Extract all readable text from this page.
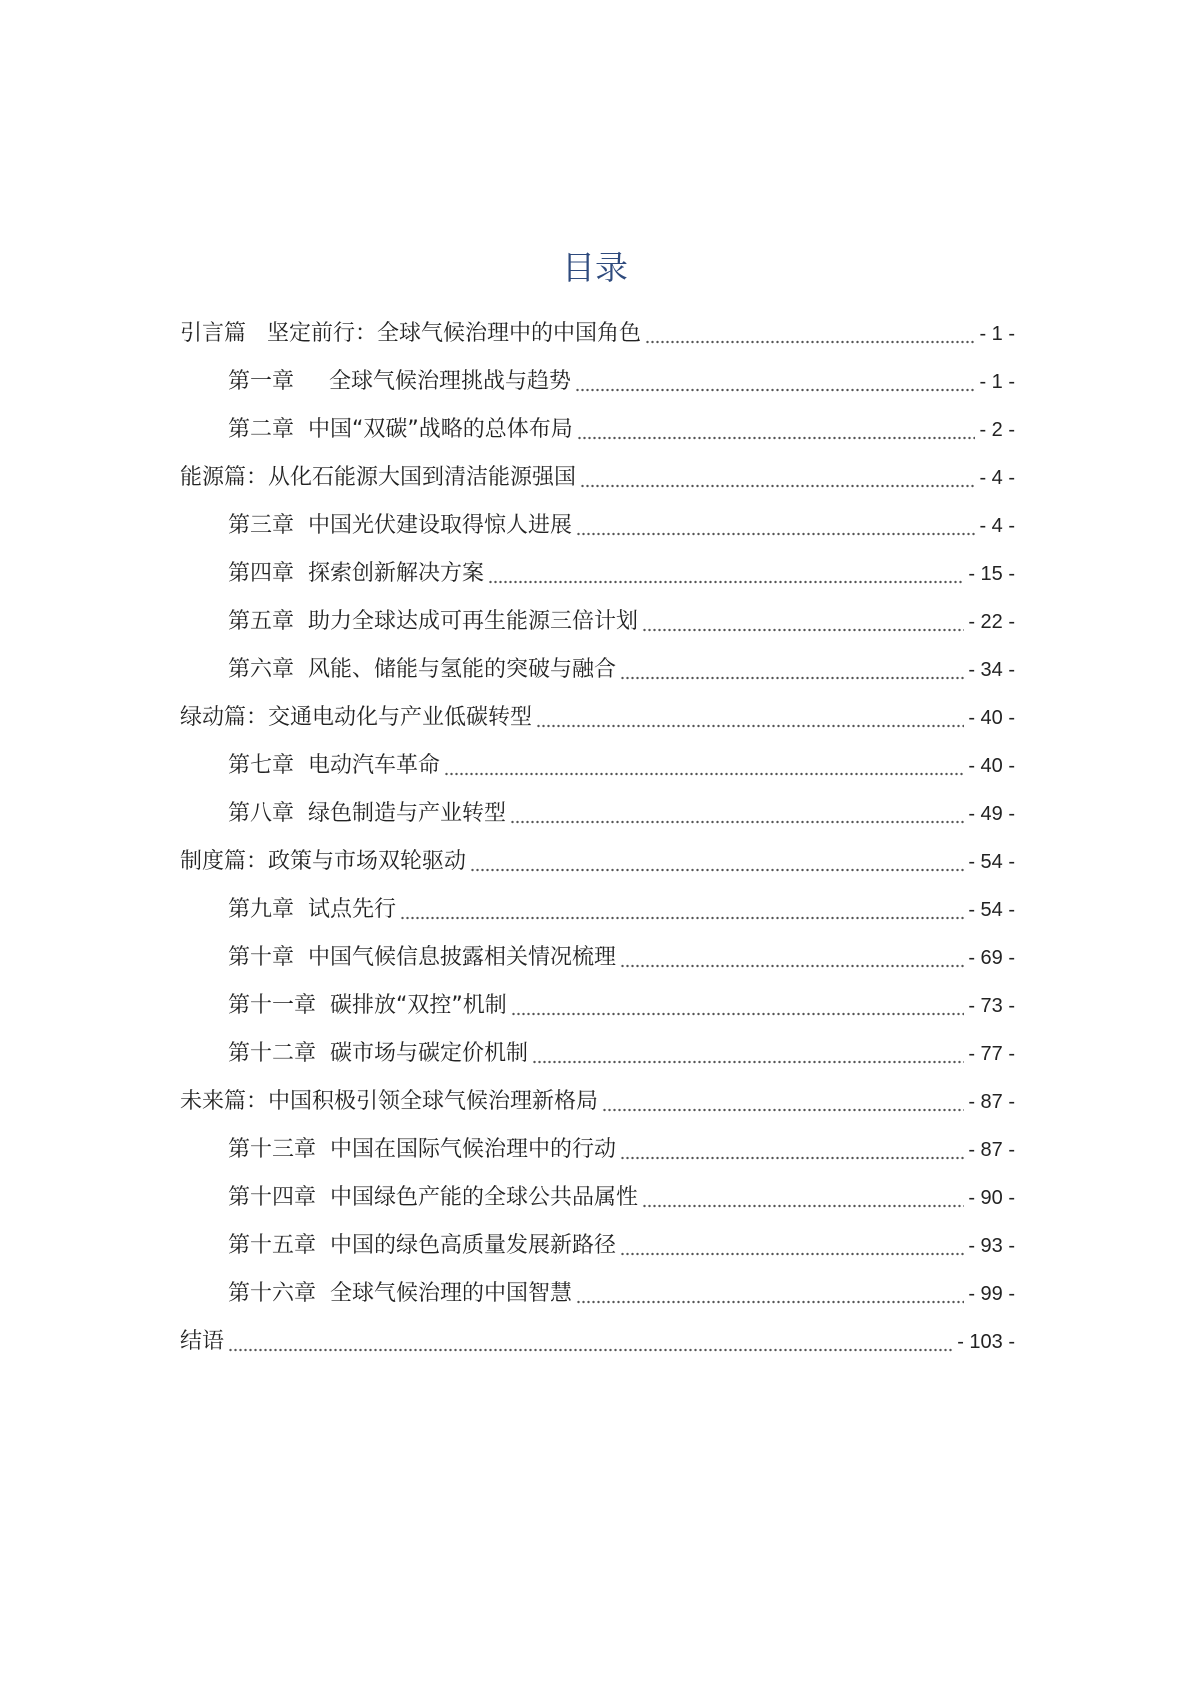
目录
引言篇   坚定前行：全球气候治理中的中国角色	- 1 -
第一章     全球气候治理挑战与趋势	- 1 -
第二章  中国“双碳”战略的总体布局	- 2 -
能源篇：从化石能源大国到清洁能源强国	- 4 -
第三章  中国光伏建设取得惊人进展	- 4 -
第四章  探索创新解决方案	- 15 -
第五章  助力全球达成可再生能源三倍计划	- 22 -
第六章  风能、储能与氢能的突破与融合	- 34 -
绿动篇：交通电动化与产业低碳转型	- 40 -
第七章  电动汽车革命	- 40 -
第八章  绿色制造与产业转型	- 49 -
制度篇：政策与市场双轮驱动	- 54 -
第九章  试点先行	- 54 -
第十章  中国气候信息披露相关情况梳理	- 69 -
第十一章  碳排放“双控”机制	- 73 -
第十二章  碳市场与碳定价机制	- 77 -
未来篇：中国积极引领全球气候治理新格局	- 87 -
第十三章  中国在国际气候治理中的行动	- 87 -
第十四章  中国绿色产能的全球公共品属性	- 90 -
第十五章  中国的绿色高质量发展新路径	- 93 -
第十六章  全球气候治理的中国智慧	- 99 -
结语	- 103 -
